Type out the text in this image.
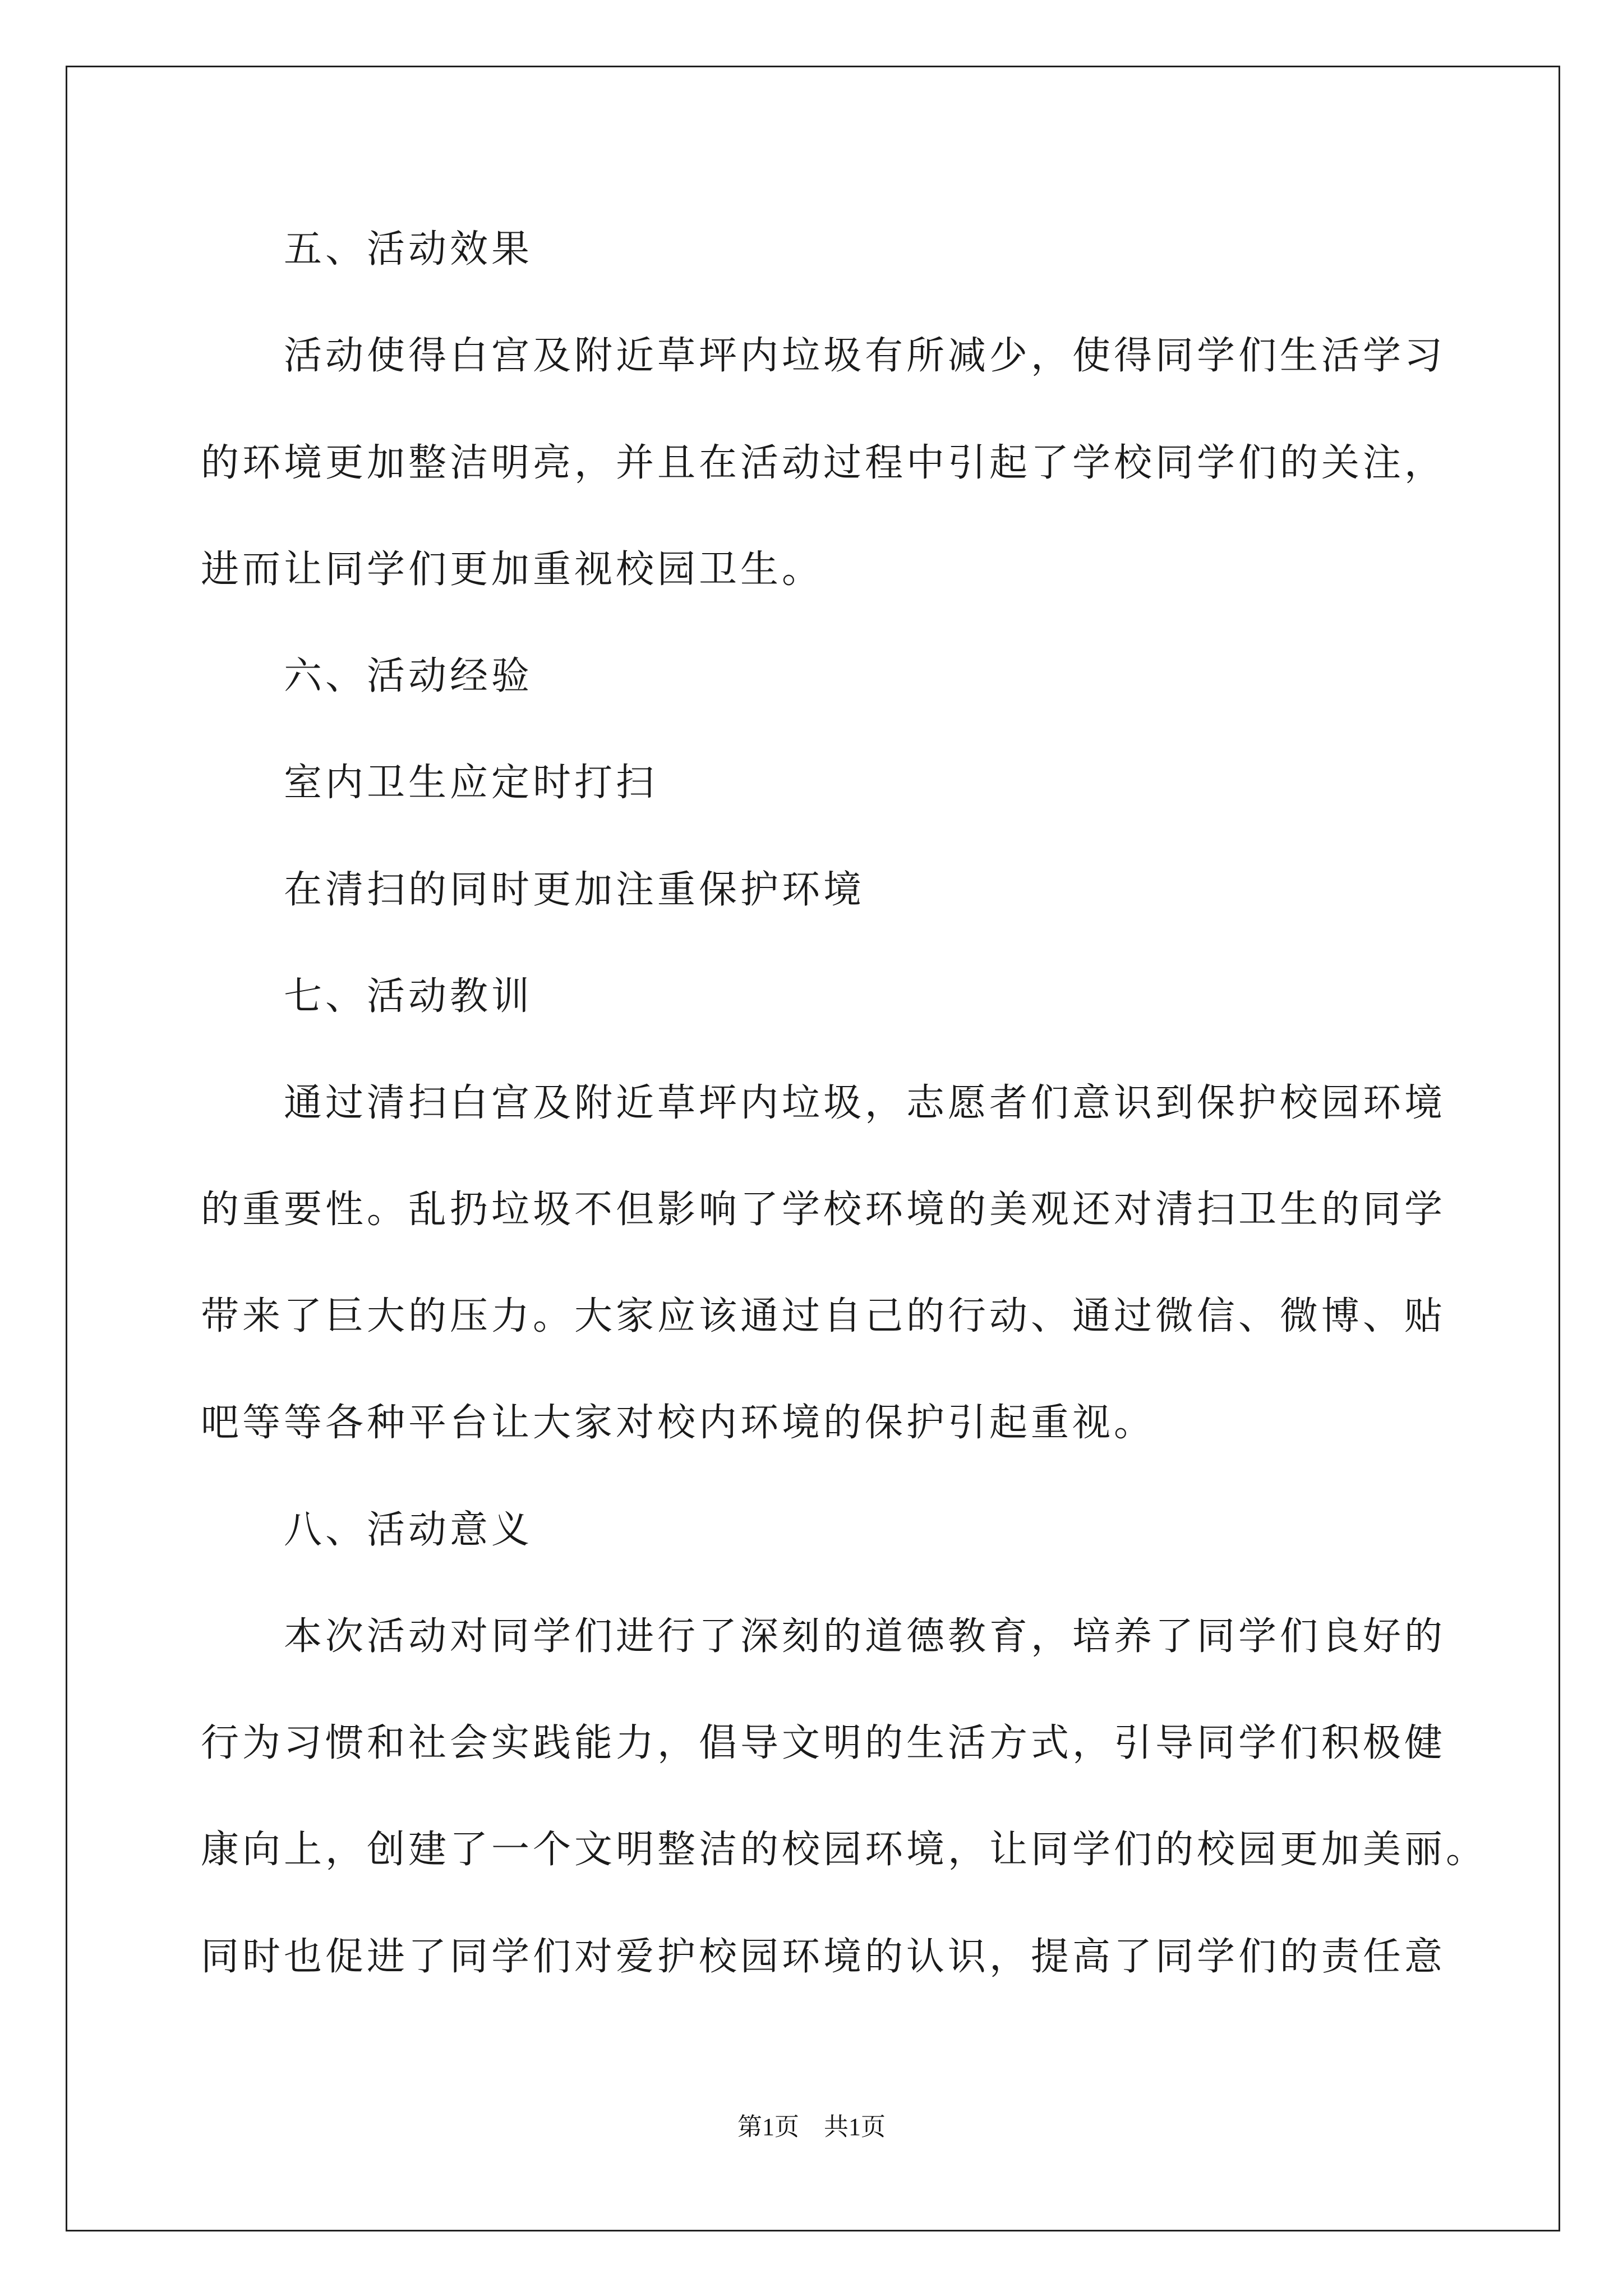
五、活动效果
活动使得白宫及附近草坪内垃圾有所减少，使得同学们生活学习
的环境更加整洁明亮，并且在活动过程中引起了学校同学们的关注，
进而让同学们更加重视校园卫生。
六、活动经验
室内卫生应定时打扫
在清扫的同时更加注重保护环境
七、活动教训
通过清扫白宫及附近草坪内垃圾，志愿者们意识到保护校园环境
的重要性。乱扔垃圾不但影响了学校环境的美观还对清扫卫生的同学
带来了巨大的压力。大家应该通过自己的行动、通过微信、微博、贴
吧等等各种平台让大家对校内环境的保护引起重视。
八、活动意义
本次活动对同学们进行了深刻的道德教育，培养了同学们良好的
行为习惯和社会实践能力，倡导文明的生活方式，引导同学们积极健
康向上，创建了一个文明整洁的校园环境，让同学们的校园更加美丽。
同时也促进了同学们对爱护校园环境的认识，提高了同学们的责任意
第1页　共1页
